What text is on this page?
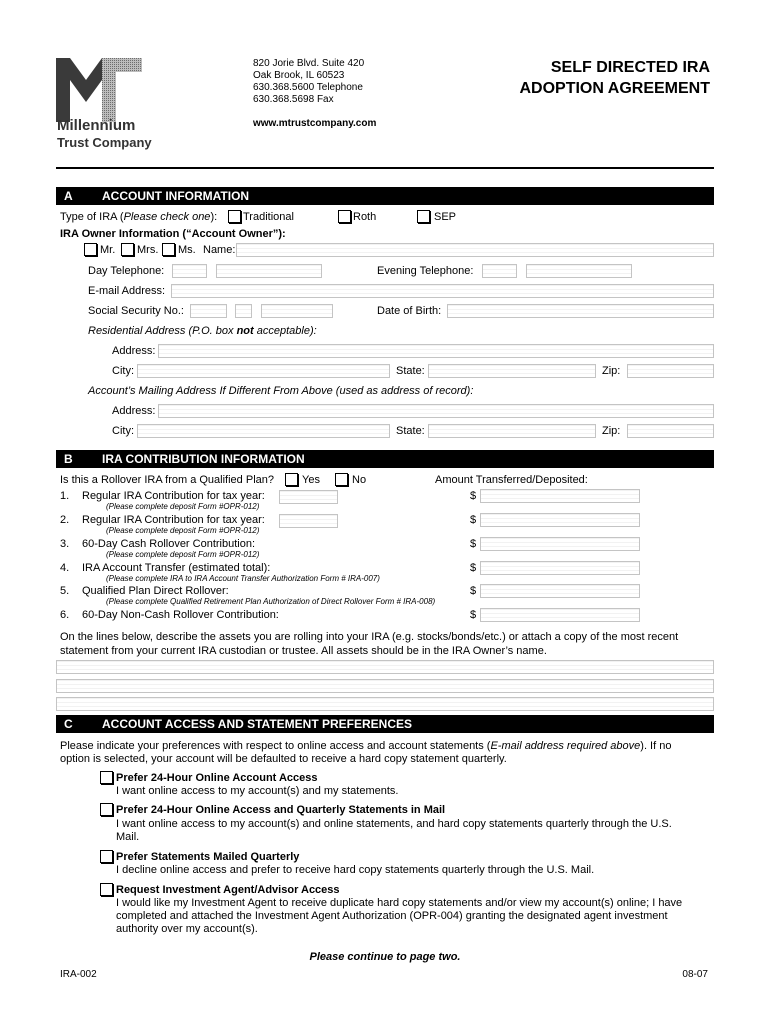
Millennium
Trust Company
820 Jorie Blvd. Suite 420
Oak Brook, IL 60523
630.368.5600 Telephone
630.368.5698 Fax
www.mtrustcompany.com
SELF DIRECTED IRA
ADOPTION AGREEMENT
A ACCOUNT INFORMATION
Type of IRA (Please check one): Traditional	Roth	SEP
IRA Owner Information (“Account Owner”):
Mr. Mrs. Ms. Name:
Day Telephone:	Evening Telephone:
E-mail Address:
Social Security No.:	Date of Birth:
Residential Address (P.O. box not acceptable):
Address:
City:	State:	Zip:
Account’s Mailing Address If Different From Above (used as address of record):
Address:
City:	State:	Zip:
B IRA CONTRIBUTION INFORMATION
Is this a Rollover IRA from a Qualified Plan?	Yes	No	Amount Transferred/Deposited:
1. Regular IRA Contribution for tax year:
(Please complete deposit Form #OPR-012)
$
2. Regular IRA Contribution for tax year:
(Please complete deposit Form #OPR-012)
$
3. 60-Day Cash Rollover Contribution:
(Please complete deposit Form #OPR-012)
$
4. IRA Account Transfer (estimated total):
(Please complete IRA to IRA Account Transfer Authorization Form # IRA-007)
$
5. Qualified Plan Direct Rollover:
(Please complete Qualified Retirement Plan Authorization of Direct Rollover Form # IRA-008)
$
6. 60-Day Non-Cash Rollover Contribution:	$
On the lines below, describe the assets you are rolling into your IRA (e.g. stocks/bonds/etc.) or attach a copy of the most recent
statement from your current IRA custodian or trustee. All assets should be in the IRA Owner’s name.
C ACCOUNT ACCESS AND STATEMENT PREFERENCES
Please indicate your preferences with respect to online access and account statements (E-mail address required above). If no
option is selected, your account will be defaulted to receive a hard copy statement quarterly.
Prefer 24-Hour Online Account Access
I want online access to my account(s) and my statements.
Prefer 24-Hour Online Access and Quarterly Statements in Mail
I want online access to my account(s) and online statements, and hard copy statements quarterly through the U.S.
Mail.
Prefer Statements Mailed Quarterly
I decline online access and prefer to receive hard copy statements quarterly through the U.S. Mail.
Request Investment Agent/Advisor Access
I would like my Investment Agent to receive duplicate hard copy statements and/or view my account(s) online; I have
completed and attached the Investment Agent Authorization (OPR-004) granting the designated agent investment
authority over my account(s).
Please continue to page two.
IRA-002	08-07
